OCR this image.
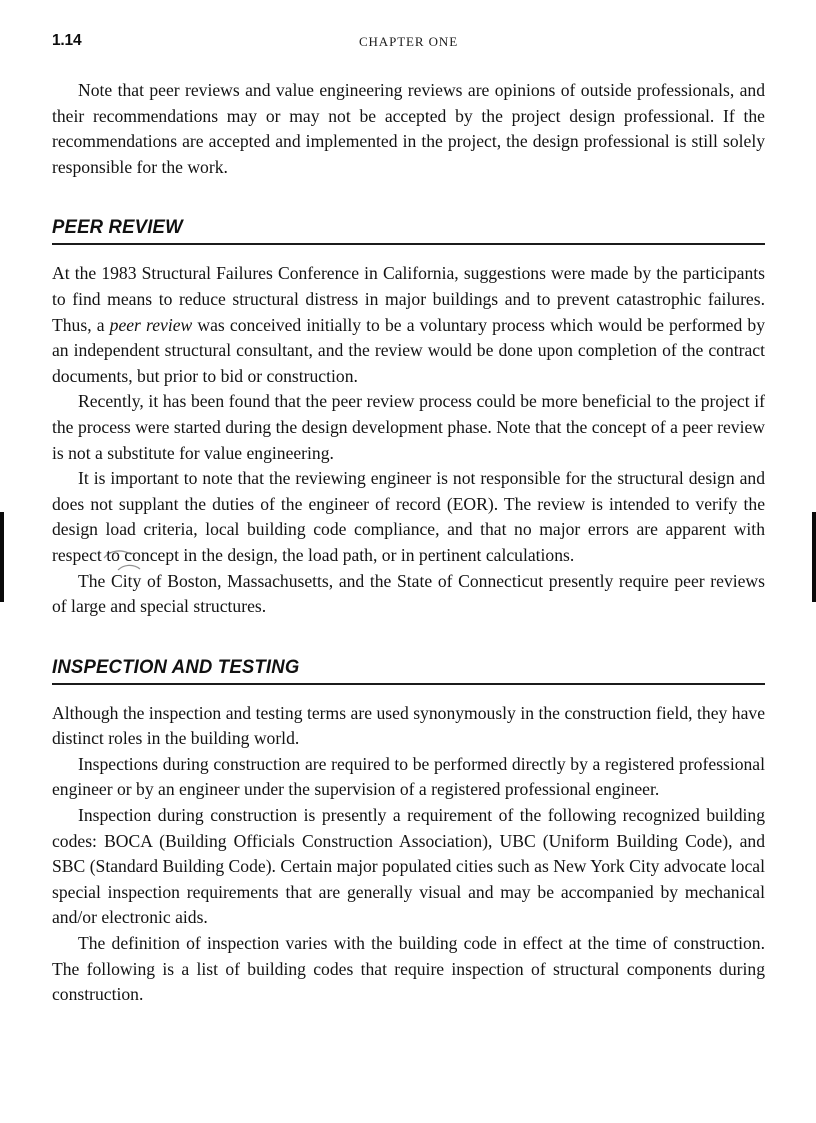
1.14	CHAPTER ONE

Note that peer reviews and value engineering reviews are opinions of outside professionals, and their recommendations may or may not be accepted by the project design professional. If the recommendations are accepted and implemented in the project, the design professional is still solely responsible for the work.

PEER REVIEW

At the 1983 Structural Failures Conference in California, suggestions were made by the participants to find means to reduce structural distress in major buildings and to prevent catastrophic failures. Thus, a peer review was conceived initially to be a voluntary process which would be performed by an independent structural consultant, and the review would be done upon completion of the contract documents, but prior to bid or construction.

Recently, it has been found that the peer review process could be more beneficial to the project if the process were started during the design development phase. Note that the concept of a peer review is not a substitute for value engineering.

It is important to note that the reviewing engineer is not responsible for the structural design and does not supplant the duties of the engineer of record (EOR). The review is intended to verify the design load criteria, local building code compliance, and that no major errors are apparent with respect to concept in the design, the load path, or in pertinent calculations.

The City of Boston, Massachusetts, and the State of Connecticut presently require peer reviews of large and special structures.

INSPECTION AND TESTING

Although the inspection and testing terms are used synonymously in the construction field, they have distinct roles in the building world.

Inspections during construction are required to be performed directly by a registered professional engineer or by an engineer under the supervision of a registered professional engineer.

Inspection during construction is presently a requirement of the following recognized building codes: BOCA (Building Officials Construction Association), UBC (Uniform Building Code), and SBC (Standard Building Code). Certain major populated cities such as New York City advocate local special inspection requirements that are generally visual and may be accompanied by mechanical and/or electronic aids.

The definition of inspection varies with the building code in effect at the time of construction. The following is a list of building codes that require inspection of structural components during construction.
